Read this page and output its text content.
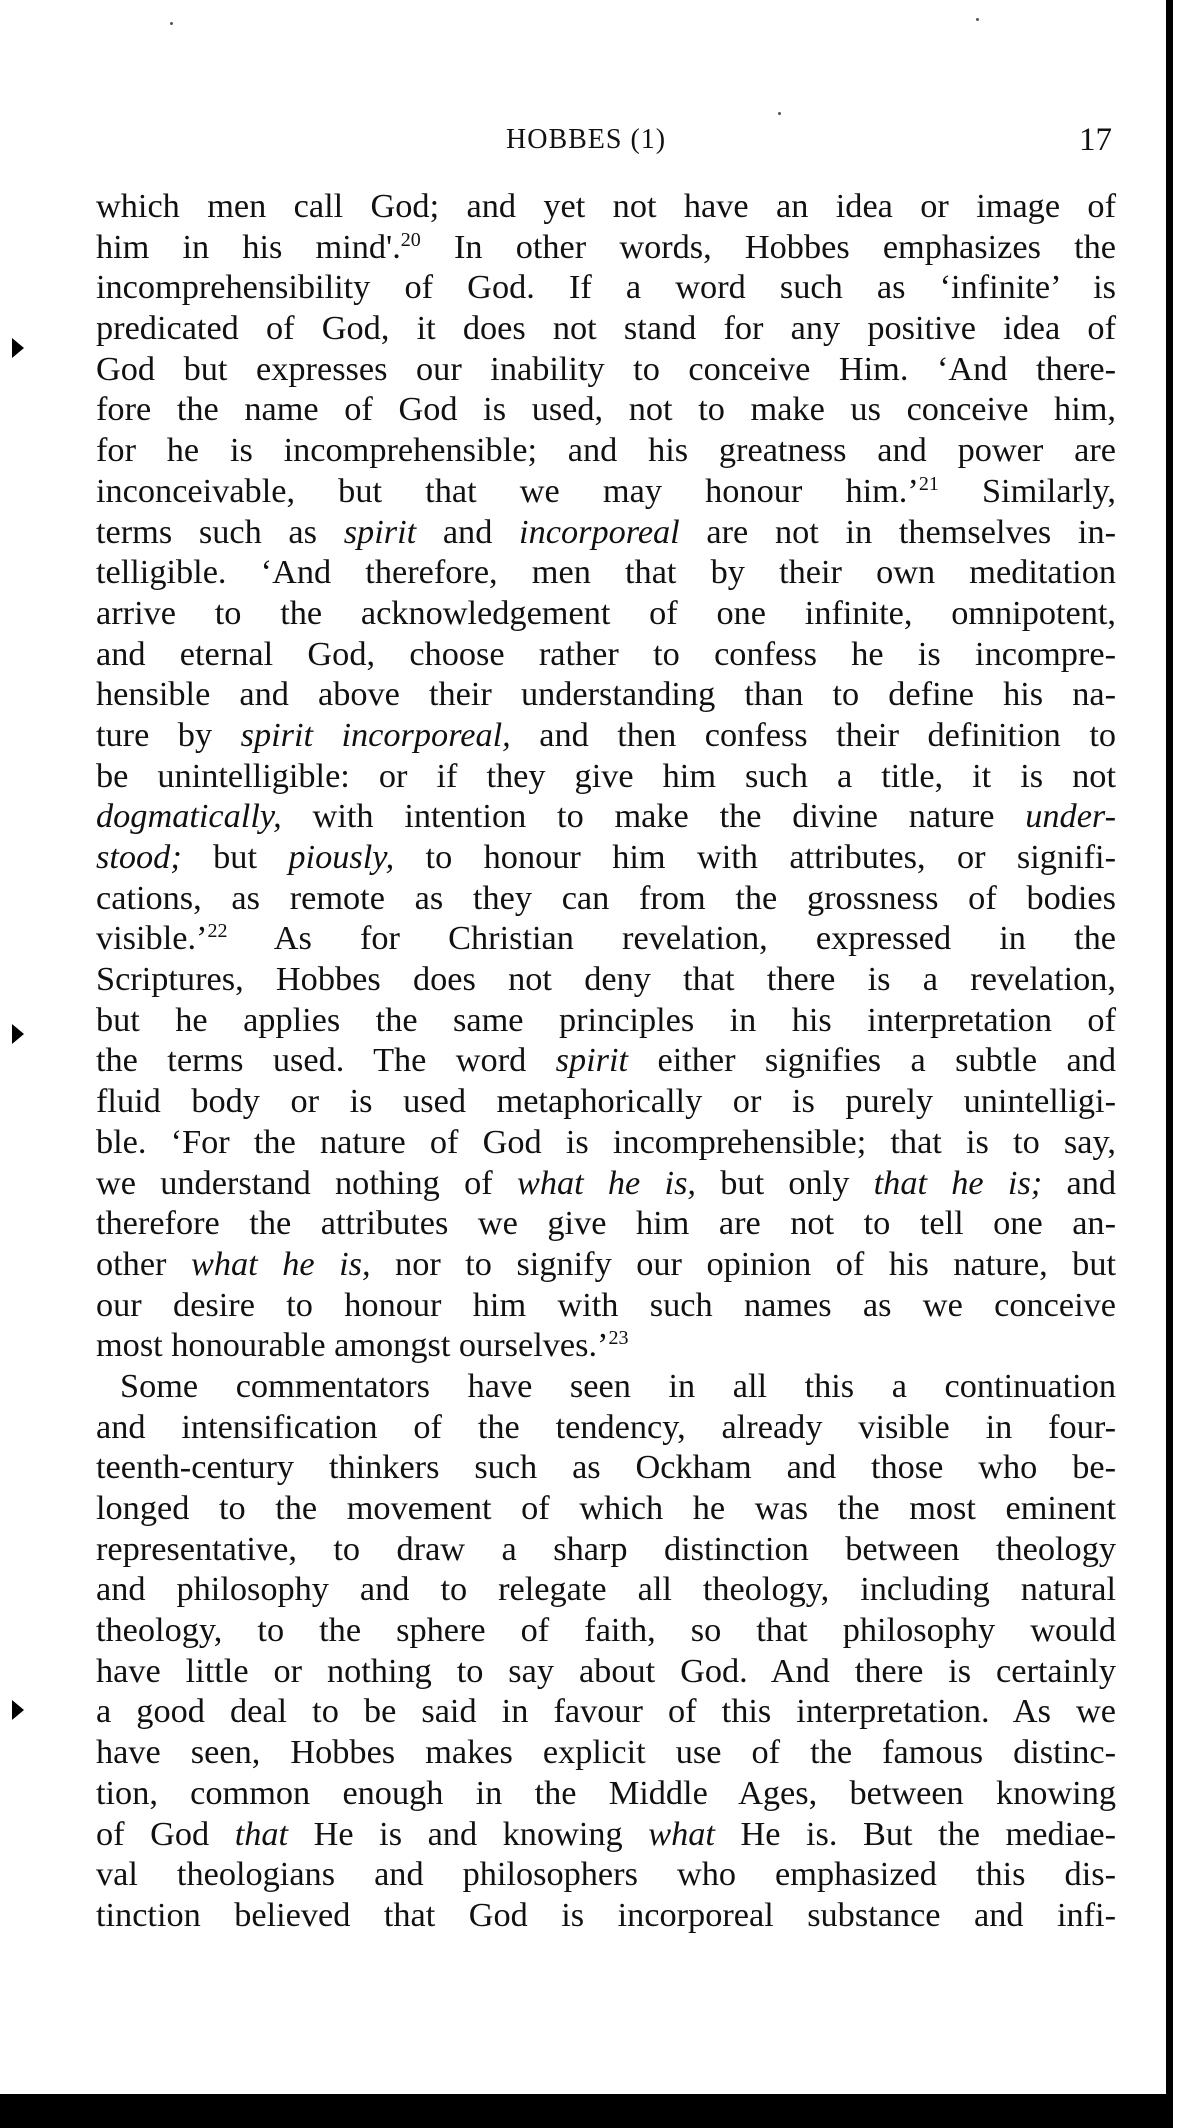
HOBBES (1)	17
which men call God; and yet not have an idea or image of
him in his mind'.$^{20}$ In other words, Hobbes emphasizes the
incomprehensibility of God. If a word such as ‘infinite’ is
predicated of God, it does not stand for any positive idea of
God but expresses our inability to conceive Him. ‘And there-
fore the name of God is used, not to make us conceive him,
for he is incomprehensible; and his greatness and power are
inconceivable, but that we may honour him.’$^{21}$ Similarly,
terms such as spirit and incorporeal are not in themselves in-
telligible. ‘And therefore, men that by their own meditation
arrive to the acknowledgement of one infinite, omnipotent,
and eternal God, choose rather to confess he is incompre-
hensible and above their understanding than to define his na-
ture by spirit incorporeal, and then confess their definition to
be unintelligible: or if they give him such a title, it is not
dogmatically, with intention to make the divine nature under-
stood; but piously, to honour him with attributes, or signifi-
cations, as remote as they can from the grossness of bodies
visible.’$^{22}$ As for Christian revelation, expressed in the
Scriptures, Hobbes does not deny that there is a revelation,
but he applies the same principles in his interpretation of
the terms used. The word spirit either signifies a subtle and
fluid body or is used metaphorically or is purely unintelligi-
ble. ‘For the nature of God is incomprehensible; that is to say,
we understand nothing of what he is, but only that he is; and
therefore the attributes we give him are not to tell one an-
other what he is, nor to signify our opinion of his nature, but
our desire to honour him with such names as we conceive
most honourable amongst ourselves.’$^{23}$
Some commentators have seen in all this a continuation
and intensification of the tendency, already visible in four-
teenth-century thinkers such as Ockham and those who be-
longed to the movement of which he was the most eminent
representative, to draw a sharp distinction between theology
and philosophy and to relegate all theology, including natural
theology, to the sphere of faith, so that philosophy would
have little or nothing to say about God. And there is certainly
a good deal to be said in favour of this interpretation. As we
have seen, Hobbes makes explicit use of the famous distinc-
tion, common enough in the Middle Ages, between knowing
of God that He is and knowing what He is. But the mediae-
val theologians and philosophers who emphasized this dis-
tinction believed that God is incorporeal substance and infi-
